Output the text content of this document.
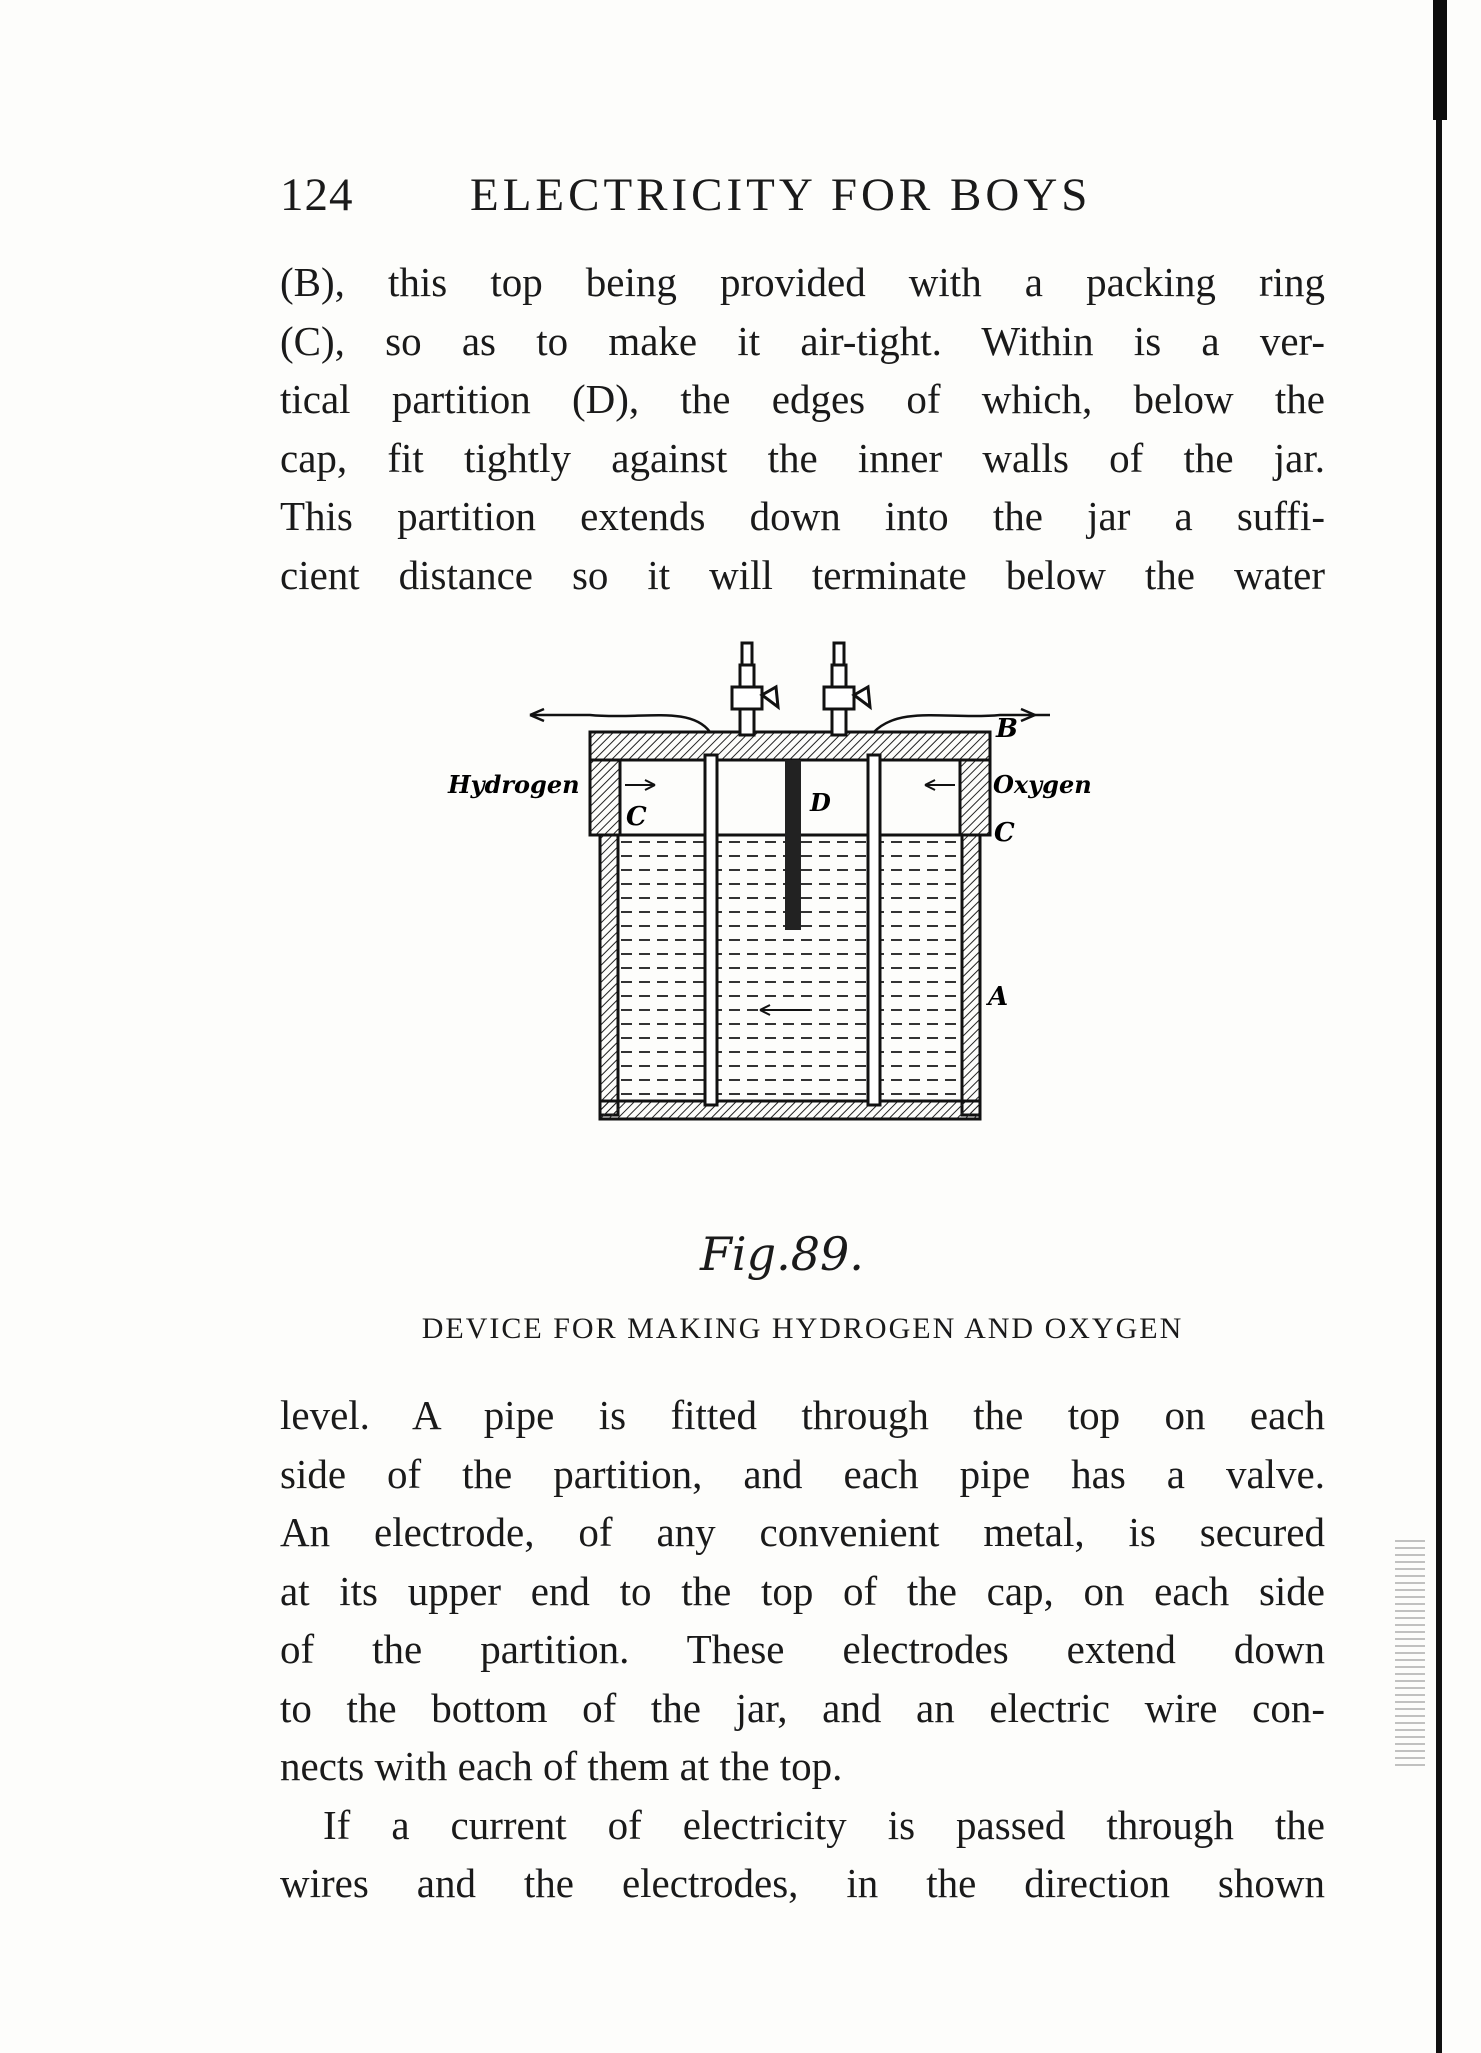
124 ELECTRICITY FOR BOYS
(B), this top being provided with a packing ring
(C), so as to make it air-tight. Within is a ver-
tical partition (D), the edges of which, below the
cap, fit tightly against the inner walls of the jar.
This partition extends down into the jar a suffi-
cient distance so it will terminate below the water
Hydrogen	Oxygen
B
C
C
D
A
Fig.89.
DEVICE FOR MAKING HYDROGEN AND OXYGEN
level. A pipe is fitted through the top on each
side of the partition, and each pipe has a valve.
An electrode, of any convenient metal, is secured
at its upper end to the top of the cap, on each side
of the partition. These electrodes extend down
to the bottom of the jar, and an electric wire con-
nects with each of them at the top.
If a current of electricity is passed through the
wires and the electrodes, in the direction shown
